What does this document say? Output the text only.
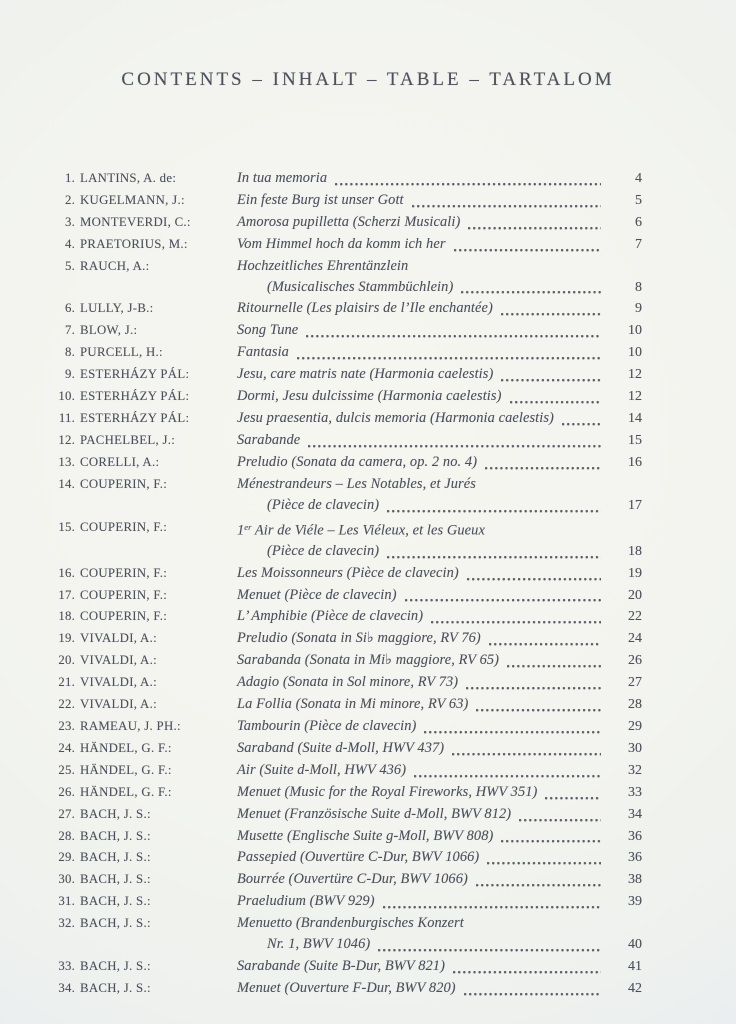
CONTENTS – INHALT – TABLE – TARTALOM
1. LANTINS, A. de:	In tua memoria	4
2. KUGELMANN, J.:	Ein feste Burg ist unser Gott	5
3. MONTEVERDI, C.:	Amorosa pupilletta (Scherzi Musicali)	6
4. PRAETORIUS, M.:	Vom Himmel hoch da komm ich her	7
5. RAUCH, A.:	Hochzeitliches Ehrentänzlein
(Musicalisches Stammbüchlein)	8
6. LULLY, J-B.:	Ritournelle (Les plaisirs de l’Ile enchantée)	9
7. BLOW, J.:	Song Tune	10
8. PURCELL, H.:	Fantasia	10
9. ESTERHÁZY PÁL:	Jesu, care matris nate (Harmonia caelestis)	12
10. ESTERHÁZY PÁL:	Dormi, Jesu dulcissime (Harmonia caelestis)	12
11. ESTERHÁZY PÁL:	Jesu praesentia, dulcis memoria (Harmonia caelestis)	14
12. PACHELBEL, J.:	Sarabande	15
13. CORELLI, A.:	Preludio (Sonata da camera, op. 2 no. 4)	16
14. COUPERIN, F.:	Ménestrandeurs – Les Notables, et Jurés
(Pièce de clavecin)	17
15. COUPERIN, F.:	1er Air de Viéle – Les Viéleux, et les Gueux
(Pièce de clavecin)	18
16. COUPERIN, F.:	Les Moissonneurs (Pièce de clavecin)	19
17. COUPERIN, F.:	Menuet (Pièce de clavecin)	20
18. COUPERIN, F.:	L’ Amphibie (Pièce de clavecin)	22
19. VIVALDI, A.:	Preludio (Sonata in Si♭ maggiore, RV 76)	24
20. VIVALDI, A.:	Sarabanda (Sonata in Mi♭ maggiore, RV 65)	26
21. VIVALDI, A.:	Adagio (Sonata in Sol minore, RV 73)	27
22. VIVALDI, A.:	La Follia (Sonata in Mi minore, RV 63)	28
23. RAMEAU, J. PH.:	Tambourin (Pièce de clavecin)	29
24. HÄNDEL, G. F.:	Saraband (Suite d-Moll, HWV 437)	30
25. HÄNDEL, G. F.:	Air (Suite d-Moll, HWV 436)	32
26. HÄNDEL, G. F.:	Menuet (Music for the Royal Fireworks, HWV 351)	33
27. BACH, J. S.:	Menuet (Französische Suite d-Moll, BWV 812)	34
28. BACH, J. S.:	Musette (Englische Suite g-Moll, BWV 808)	36
29. BACH, J. S.:	Passepied (Ouvertüre C-Dur, BWV 1066)	36
30. BACH, J. S.:	Bourrée (Ouvertüre C-Dur, BWV 1066)	38
31. BACH, J. S.:	Praeludium (BWV 929)	39
32. BACH, J. S.:	Menuetto (Brandenburgisches Konzert
Nr. 1, BWV 1046)	40
33. BACH, J. S.:	Sarabande (Suite B-Dur, BWV 821)	41
34. BACH, J. S.:	Menuet (Ouverture F-Dur, BWV 820)	42
